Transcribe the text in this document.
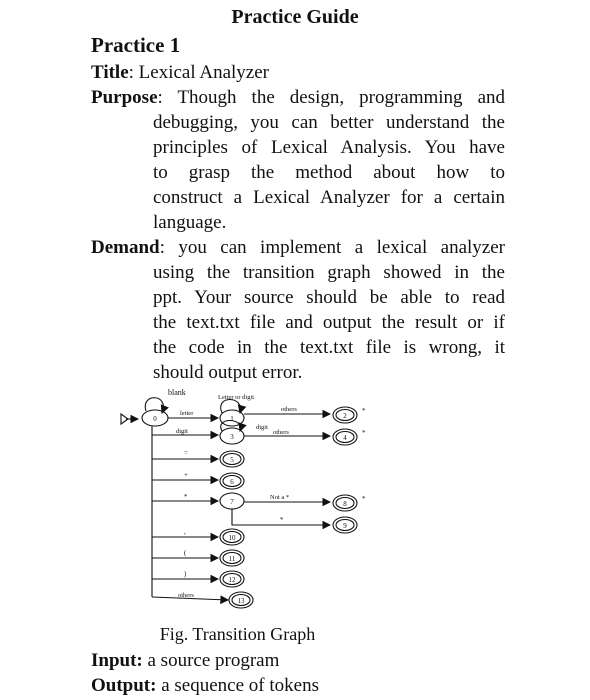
Practice Guide
Practice 1
Title: Lexical Analyzer
Purpose: Though the design, programming and
debugging, you can better understand the
principles of Lexical Analysis. You have
to grasp the method about how to
construct a Lexical Analyzer for a certain
language.
Demand: you can implement a lexical analyzer
using the transition graph showed in the
ppt. Your source should be able to read
the text.txt file and output the result or if
the code in the text.txt file is wrong, it
should output error.
0	1	2
3	4
5
6
7	8
9
10
11
12
13
blank
Letter or digit
letter
digit
digit
others
others
=
+
*	Not a *
*
,
(
)
others
*
*
*
Fig. Transition Graph
Input: a source program
Output: a sequence of tokens
